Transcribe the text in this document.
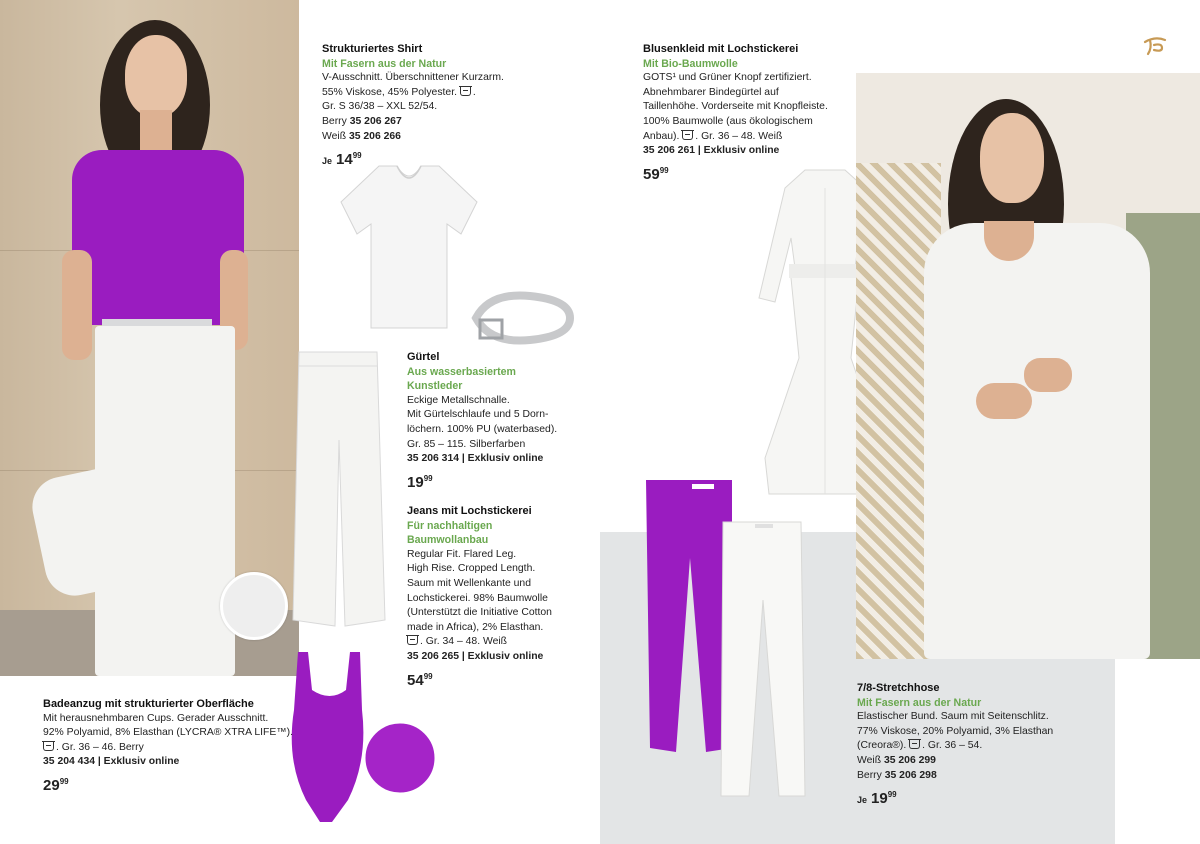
Strukturiertes Shirt
Mit Fasern aus der Natur
V-Ausschnitt. Überschnittener Kurzarm.
55% Viskose, 45% Polyester. .
Gr. S 36/38 – XXL 52/54.
Berry 35 206 267
Weiß 35 206 266
Je $14^{99}$
Gürtel
Aus wasserbasiertem
Kunstleder
Eckige Metallschnalle.
Mit Gürtelschlaufe und 5 Dorn-
löchern. 100% PU (waterbased).
Gr. 85 – 115. Silberfarben
35 206 314 | Exklusiv online
$19^{99}$
Jeans mit Lochstickerei
Für nachhaltigen
Baumwollanbau
Regular Fit. Flared Leg.
High Rise. Cropped Length.
Saum mit Wellenkante und
Lochstickerei. 98% Baumwolle
(Unterstützt die Initiative Cotton
made in Africa), 2% Elasthan.
. Gr. 34 – 48. Weiß
35 206 265 | Exklusiv online
$54^{99}$
Blusenkleid mit Lochstickerei
Mit Bio-Baumwolle
GOTS¹ und Grüner Knopf zertifiziert.
Abnehmbarer Bindegürtel auf
Taillenhöhe. Vorderseite mit Knopfleiste.
100% Baumwolle (aus ökologischem
Anbau). . Gr. 36 – 48. Weiß
35 206 261 | Exklusiv online
$59^{99}$
Badeanzug mit strukturierter Oberfläche
Mit herausnehmbaren Cups. Gerader Ausschnitt.
92% Polyamid, 8% Elasthan (LYCRA® XTRA LIFE™).
. Gr. 36 – 46. Berry
35 204 434 | Exklusiv online
$29^{99}$
7/8-Stretchhose
Mit Fasern aus der Natur
Elastischer Bund. Saum mit Seitenschlitz.
77% Viskose, 20% Polyamid, 3% Elasthan
(Creora®). . Gr. 36 – 54.
Weiß 35 206 299
Berry 35 206 298
Je $19^{99}$
